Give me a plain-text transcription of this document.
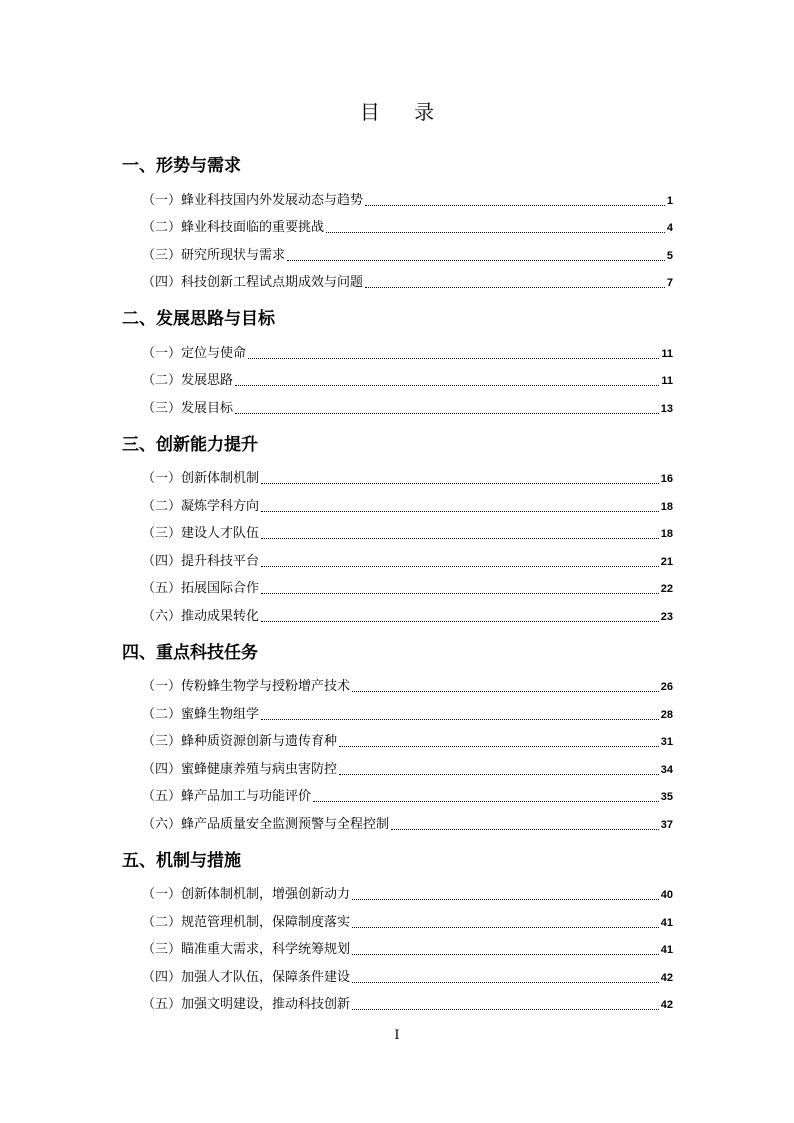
目 录
一、形势与需求
（一）蜂业科技国内外发展动态与趋势	1
（二）蜂业科技面临的重要挑战	4
（三）研究所现状与需求	5
（四）科技创新工程试点期成效与问题	7
二、发展思路与目标
（一）定位与使命	11
（二）发展思路	11
（三）发展目标	13
三、创新能力提升
（一）创新体制机制	16
（二）凝炼学科方向	18
（三）建设人才队伍	18
（四）提升科技平台	21
（五）拓展国际合作	22
（六）推动成果转化	23
四、重点科技任务
（一）传粉蜂生物学与授粉增产技术	26
（二）蜜蜂生物组学	28
（三）蜂种质资源创新与遗传育种	31
（四）蜜蜂健康养殖与病虫害防控	34
（五）蜂产品加工与功能评价	35
（六）蜂产品质量安全监测预警与全程控制	37
五、机制与措施
（一）创新体制机制，增强创新动力	40
（二）规范管理机制，保障制度落实	41
（三）瞄准重大需求，科学统筹规划	41
（四）加强人才队伍，保障条件建设	42
（五）加强文明建设，推动科技创新	42
I
